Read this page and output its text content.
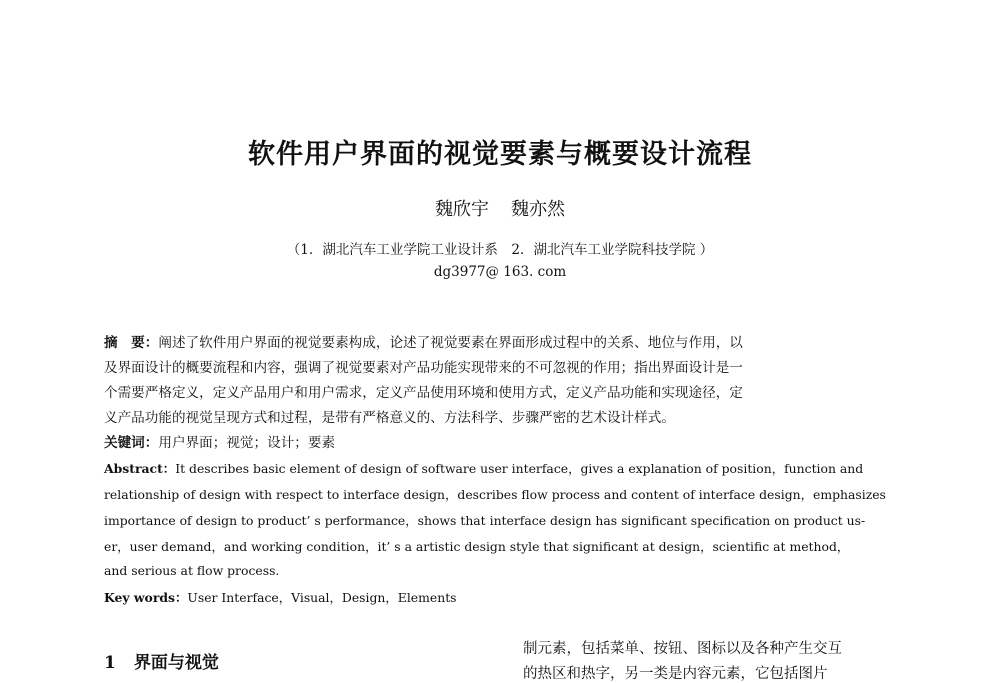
软件用户界面的视觉要素与概要设计流程
魏欣宇 魏亦然
（1．湖北汽车工业学院工业设计系　2．湖北汽车工业学院科技学院 ）
dg3977@ 163. com
摘　要：阐述了软件用户界面的视觉要素构成，论述了视觉要素在界面形成过程中的关系、地位与作用，以
及界面设计的概要流程和内容，强调了视觉要素对产品功能实现带来的不可忽视的作用；指出界面设计是一
个需要严格定义，定义产品用户和用户需求，定义产品使用环境和使用方式，定义产品功能和实现途径，定
义产品功能的视觉呈现方式和过程，是带有严格意义的、方法科学、步骤严密的艺术设计样式。
关键词：用户界面；视觉；设计；要素
Abstract：It describes basic element of design of software user interface，gives a explanation of position，function and
relationship of design with respect to interface design，describes flow process and content of interface design，emphasizes
importance of design to product’ s performance，shows that interface design has significant specification on product us-
er，user demand，and working condition，it’ s a artistic design style that significant at design，scientific at method，
and serious at flow process.
Key words：User Interface，Visual，Design，Elements
1 界面与视觉
制元素，包括菜单、按钮、图标以及各种产生交互
的热区和热字，另一类是内容元素，它包括图片
